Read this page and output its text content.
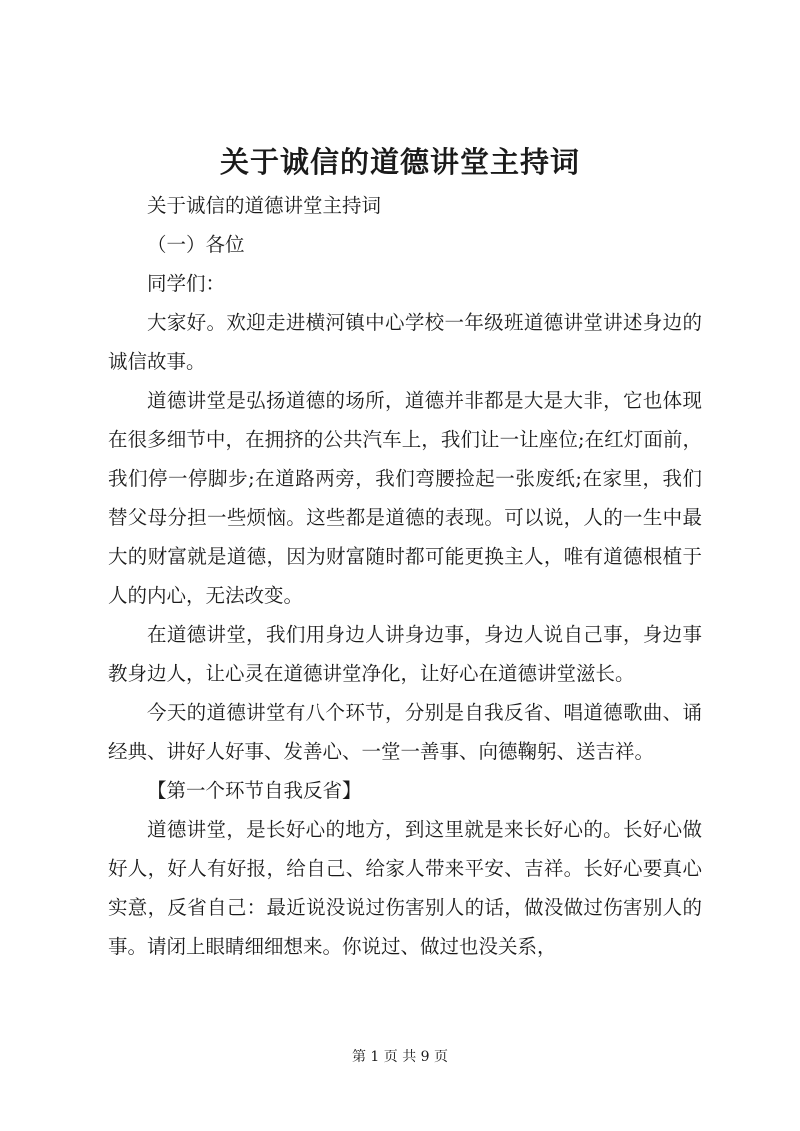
关于诚信的道德讲堂主持词

关于诚信的道德讲堂主持词

（一）各位

同学们：

大家好。欢迎走进横河镇中心学校一年级班道德讲堂讲述身边的诚信故事。

道德讲堂是弘扬道德的场所，道德并非都是大是大非，它也体现在很多细节中，在拥挤的公共汽车上，我们让一让座位;在红灯面前，我们停一停脚步;在道路两旁，我们弯腰捡起一张废纸;在家里，我们替父母分担一些烦恼。这些都是道德的表现。可以说，人的一生中最大的财富就是道德，因为财富随时都可能更换主人，唯有道德根植于人的内心，无法改变。

在道德讲堂，我们用身边人讲身边事，身边人说自己事，身边事教身边人，让心灵在道德讲堂净化，让好心在道德讲堂滋长。

今天的道德讲堂有八个环节，分别是自我反省、唱道德歌曲、诵经典、讲好人好事、发善心、一堂一善事、向德鞠躬、送吉祥。

【第一个环节自我反省】

道德讲堂，是长好心的地方，到这里就是来长好心的。长好心做好人，好人有好报，给自己、给家人带来平安、吉祥。长好心要真心实意，反省自己：最近说没说过伤害别人的话，做没做过伤害别人的事。请闭上眼睛细细想来。你说过、做过也没关系，

第 1 页 共 9 页
